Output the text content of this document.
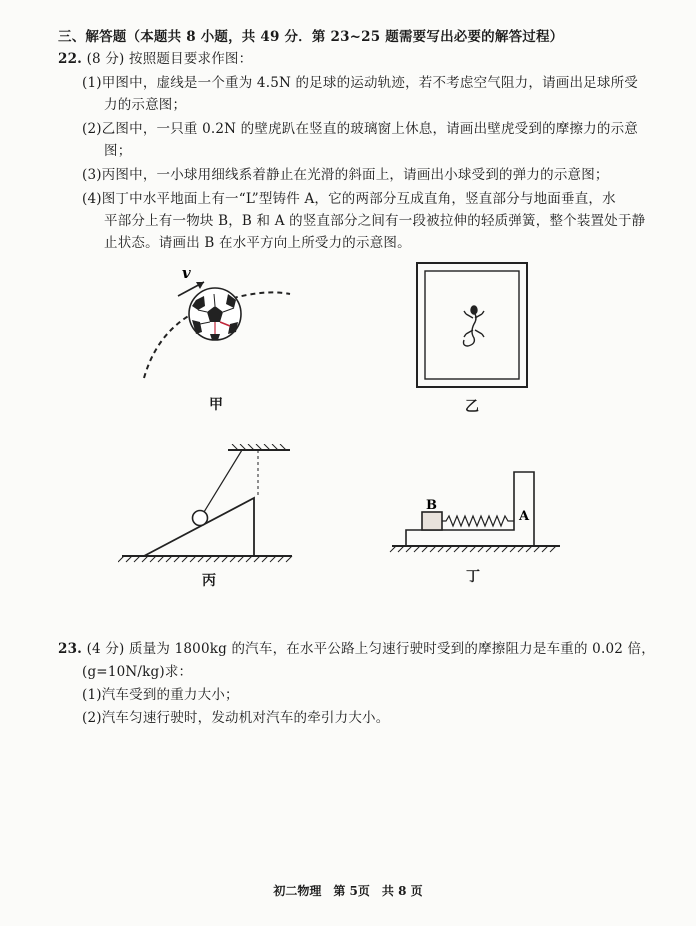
三、解答题（本题共 8 小题，共 49 分．第 23~25 题需要写出必要的解答过程）
22. (8 分) 按照题目要求作图：
(1)甲图中，虚线是一个重为 4.5N 的足球的运动轨迹，若不考虑空气阻力，请画出足球所受
力的示意图；
(2)乙图中，一只重 0.2N 的壁虎趴在竖直的玻璃窗上休息，请画出壁虎受到的摩擦力的示意
图；
(3)丙图中，一小球用细线系着静止在光滑的斜面上，请画出小球受到的弹力的示意图；
(4)图丁中水平地面上有一“L”型铸件 A，它的两部分互成直角，竖直部分与地面垂直，水
平部分上有一物块 B，B 和 A 的竖直部分之间有一段被拉伸的轻质弹簧，整个装置处于静
止状态。请画出 B 在水平方向上所受力的示意图。
v
甲	乙
丙
B
A
丁
23. (4 分) 质量为 1800kg 的汽车，在水平公路上匀速行驶时受到的摩擦阻力是车重的 0.02 倍，
(g=10N/kg)求：
(1)汽车受到的重力大小；
(2)汽车匀速行驶时，发动机对汽车的牵引力大小。
初二物理　第 5页　共 8 页
